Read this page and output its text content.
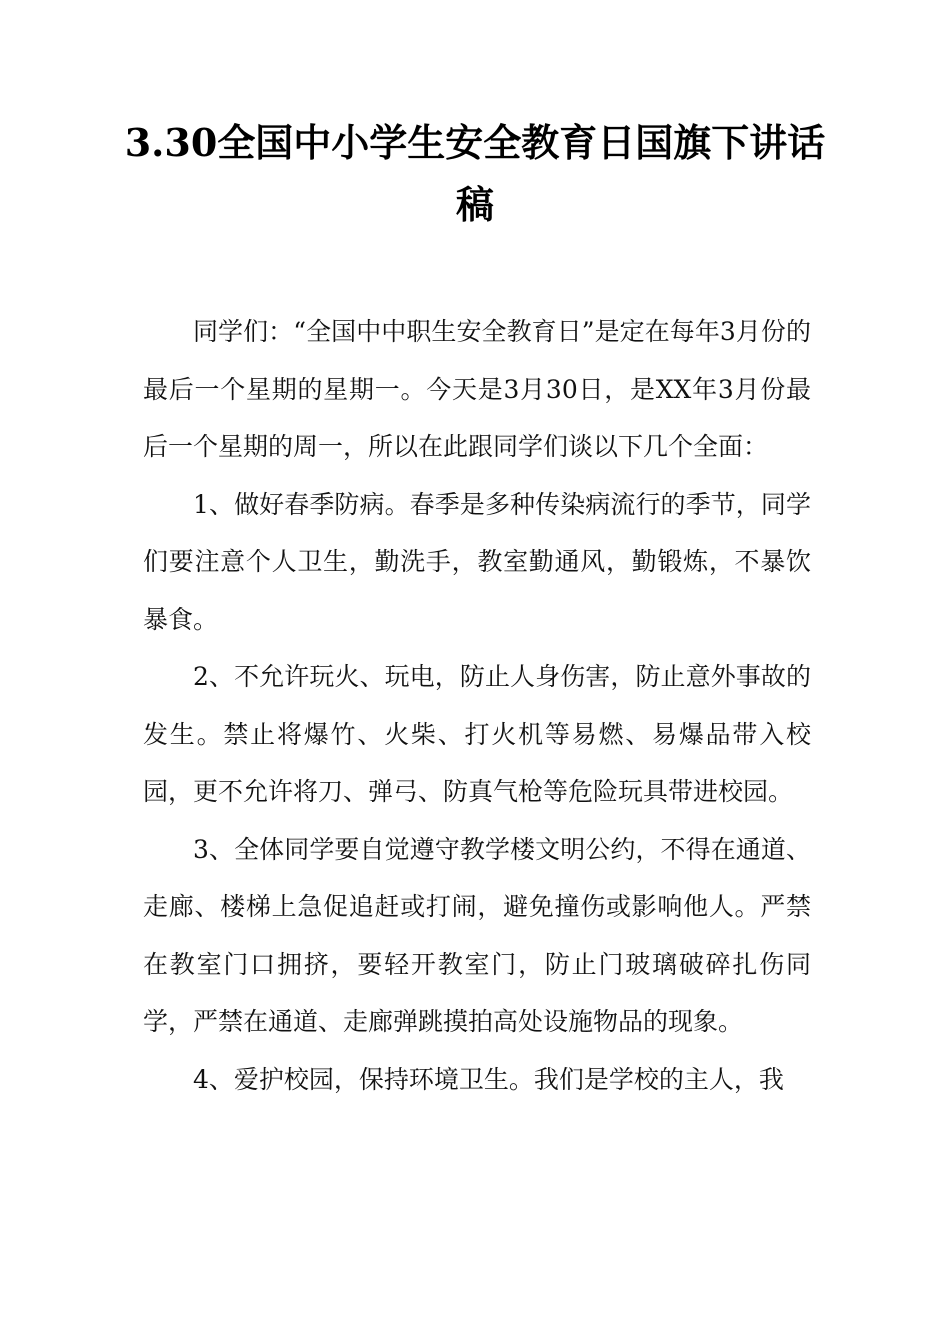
3.30全国中小学生安全教育日国旗下讲话稿

同学们：“全国中中职生安全教育日”是定在每年3月份的最后一个星期的星期一。今天是3月30日，是XX年3月份最后一个星期的周一，所以在此跟同学们谈以下几个全面：

1、做好春季防病。春季是多种传染病流行的季节，同学们要注意个人卫生，勤洗手，教室勤通风，勤锻炼，不暴饮暴食。

2、不允许玩火、玩电，防止人身伤害，防止意外事故的发生。禁止将爆竹、火柴、打火机等易燃、易爆品带入校园，更不允许将刀、弹弓、防真气枪等危险玩具带进校园。

3、全体同学要自觉遵守教学楼文明公约，不得在通道、走廊、楼梯上急促追赶或打闹，避免撞伤或影响他人。严禁在教室门口拥挤，要轻开教室门，防止门玻璃破碎扎伤同学，严禁在通道、走廊弹跳摸拍高处设施物品的现象。

4、爱护校园，保持环境卫生。我们是学校的主人，我
